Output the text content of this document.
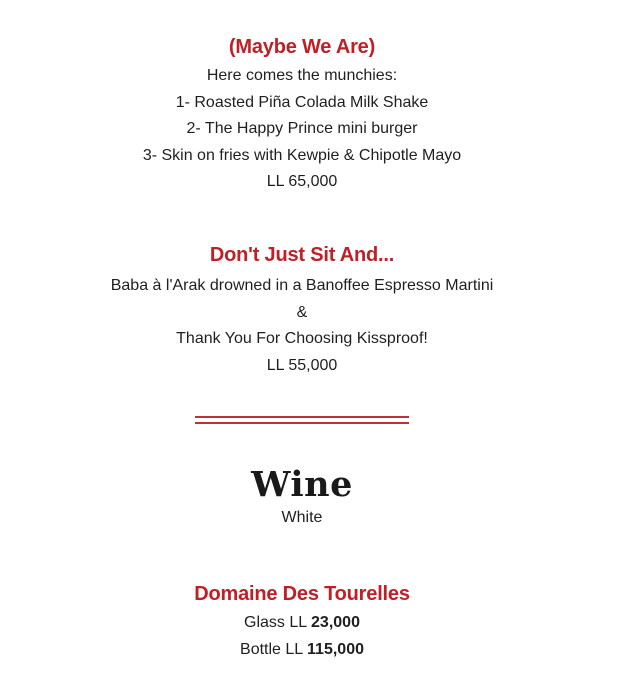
(Maybe We Are)
Here comes the munchies:
1- Roasted Piña Colada Milk Shake
2- The Happy Prince mini burger
3- Skin on fries with Kewpie & Chipotle Mayo
LL 65,000
Don't Just Sit And...
Baba à l'Arak drowned in a Banoffee Espresso Martini
&
Thank You For Choosing Kissproof!
LL 55,000
Wine
White
Domaine Des Tourelles
Glass LL 23,000
Bottle LL 115,000
